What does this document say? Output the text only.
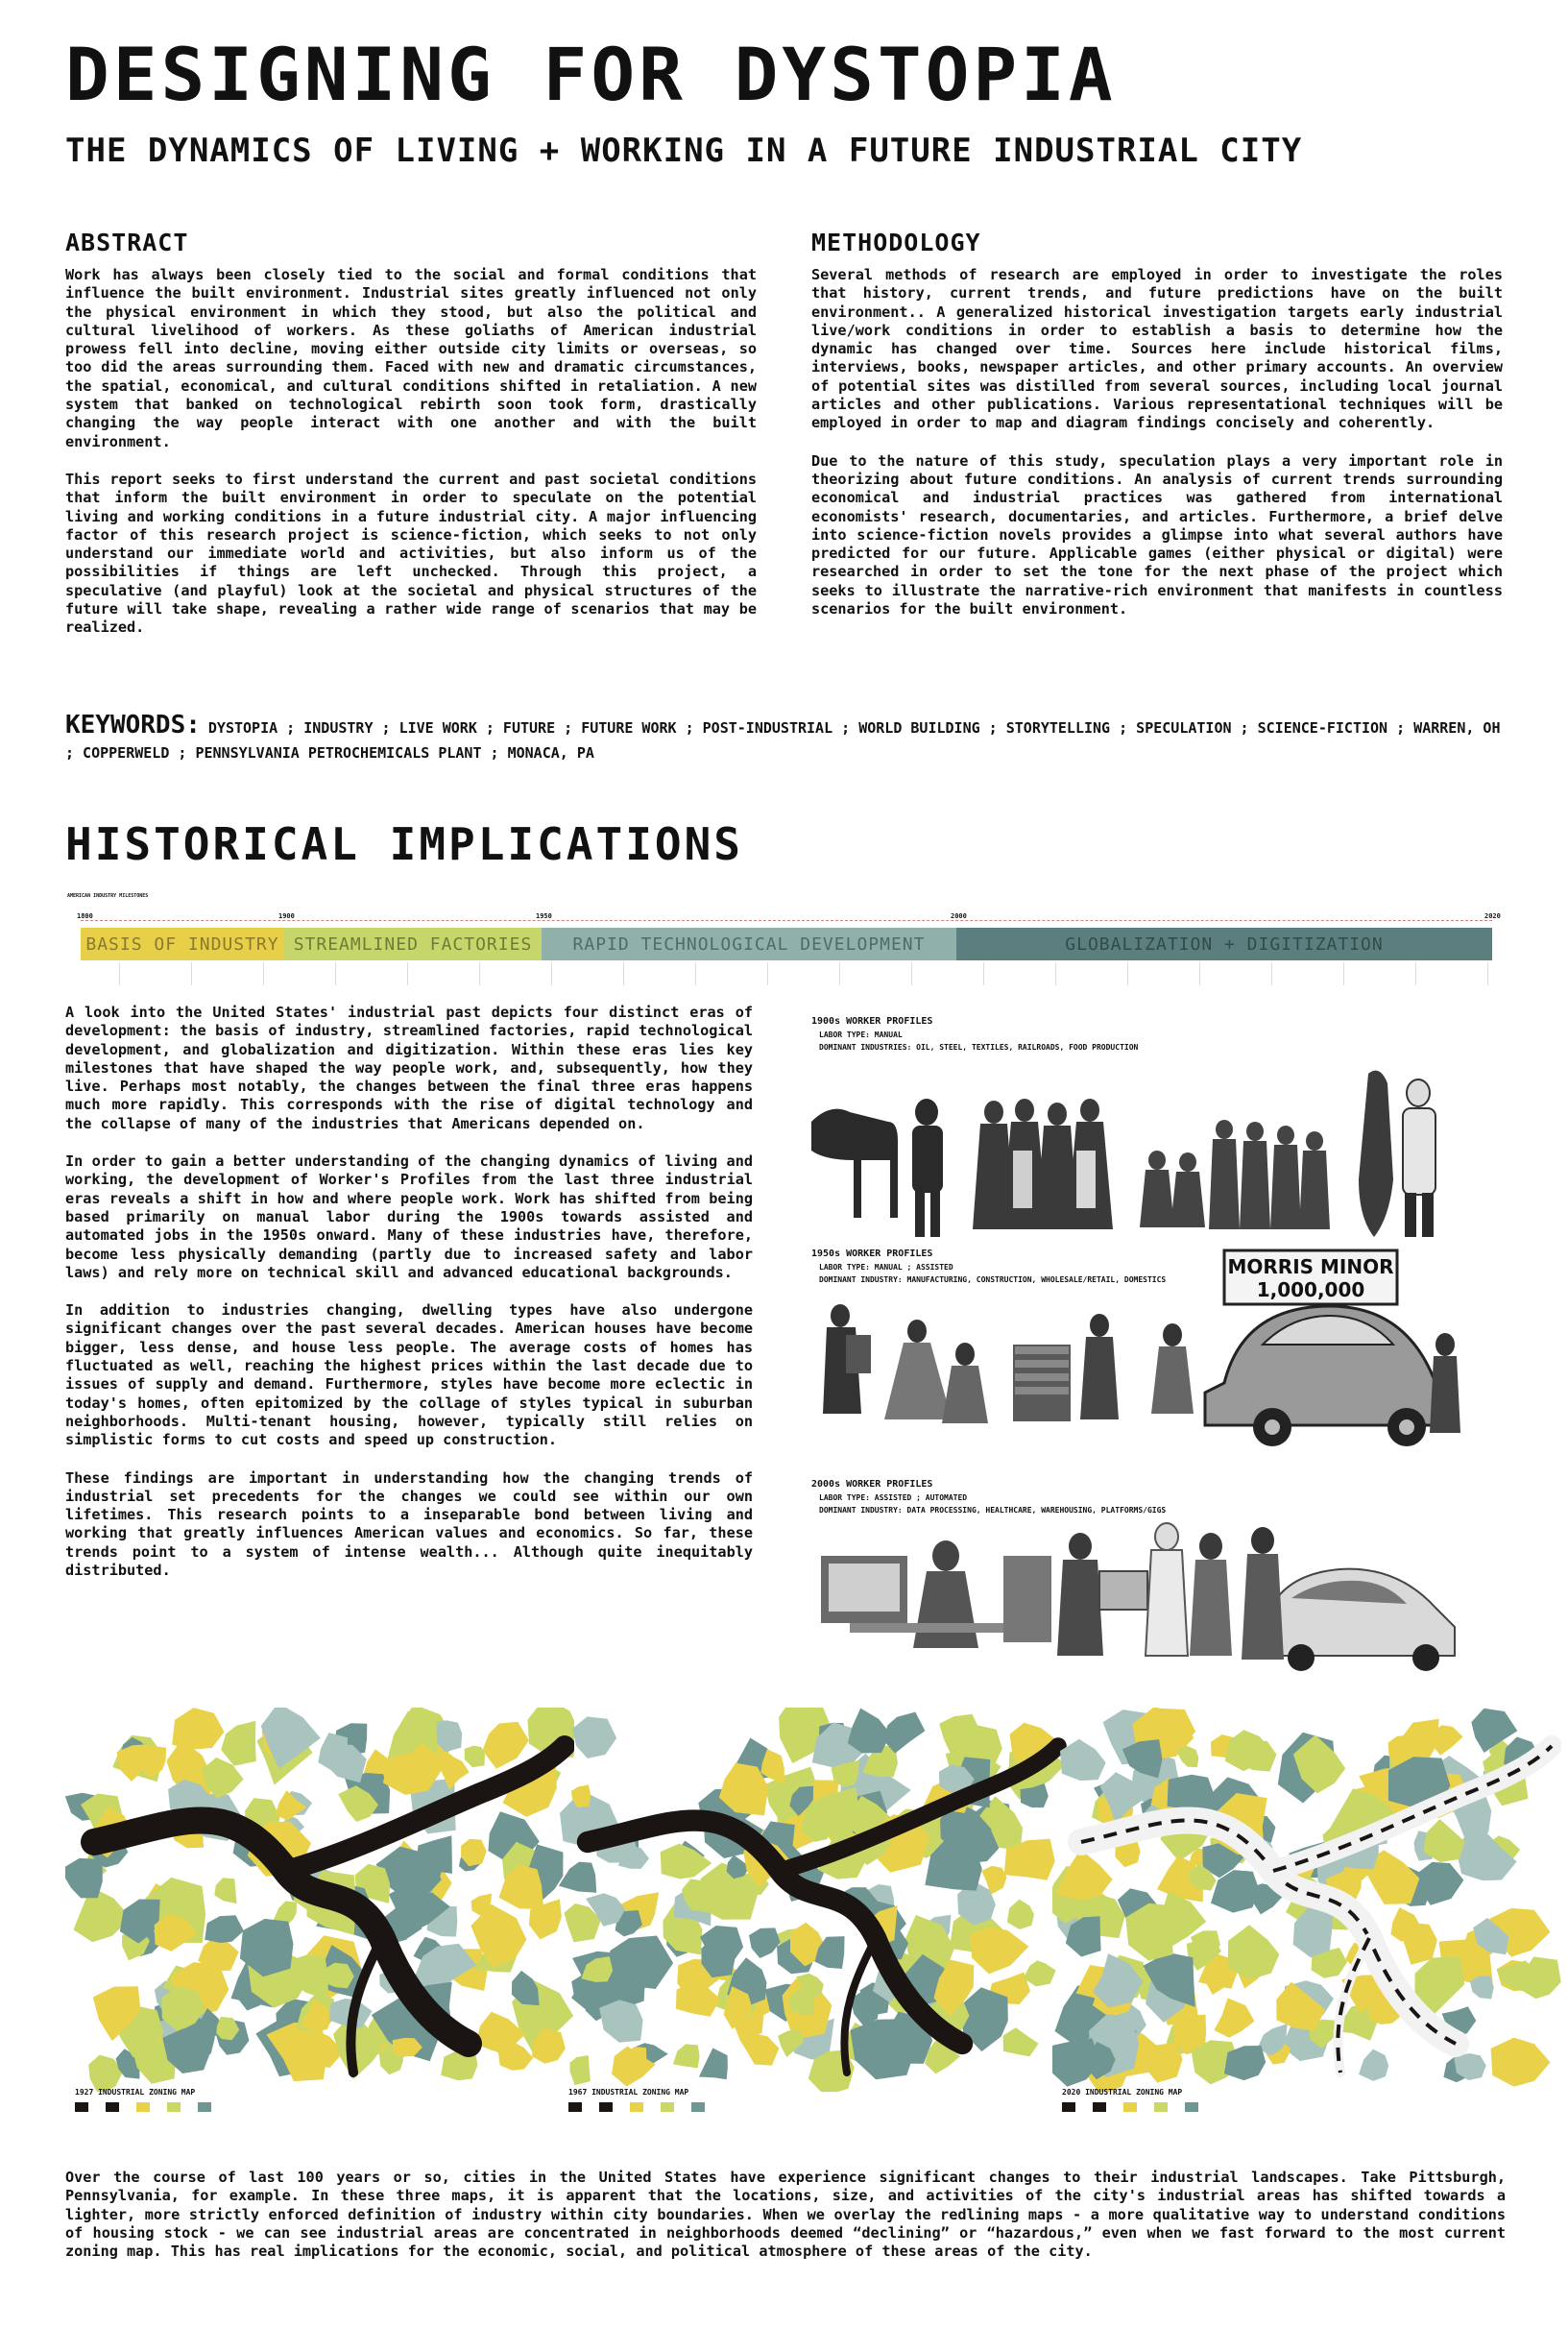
DESIGNING FOR DYSTOPIA
THE DYNAMICS OF LIVING + WORKING IN A FUTURE INDUSTRIAL CITY
ABSTRACT

Work has always been closely tied to the social and formal conditions that influence the built environment. Industrial sites greatly influenced not only the physical environment in which they stood, but also the political and cultural livelihood of workers. As these goliaths of American industrial prowess fell into decline, moving either outside city limits or overseas, so too did the areas surrounding them. Faced with new and dramatic circumstances, the spatial, economical, and cultural conditions shifted in retaliation. A new system that banked on technological rebirth soon took form, drastically changing the way people interact with one another and with the built environment.

This report seeks to first understand the current and past societal conditions that inform the built environment in order to speculate on the potential living and working conditions in a future industrial city. A major influencing factor of this research project is science-fiction, which seeks to not only understand our immediate world and activities, but also inform us of the possibilities if things are left unchecked. Through this project, a speculative (and playful) look at the societal and physical structures of the future will take shape, revealing a rather wide range of scenarios that may be realized.

METHODOLOGY

Several methods of research are employed in order to investigate the roles that history, current trends, and future predictions have on the built environment.. A generalized historical investigation targets early industrial live/work conditions in order to establish a basis to determine how the dynamic has changed over time. Sources here include historical films, interviews, books, newspaper articles, and other primary accounts. An overview of potential sites was distilled from several sources, including local journal articles and other publications. Various representational techniques will be employed in order to map and diagram findings concisely and coherently.

Due to the nature of this study, speculation plays a very important role in theorizing about future conditions. An analysis of current trends surrounding economical and industrial practices was gathered from international economists' research, documentaries, and articles. Furthermore, a brief delve into science-fiction novels provides a glimpse into what several authors have predicted for our future. Applicable games (either physical or digital) were researched in order to set the tone for the next phase of the project which seeks to illustrate the narrative-rich environment that manifests in countless scenarios for the built environment.

KEYWORDS: DYSTOPIA ; INDUSTRY ; LIVE WORK ; FUTURE ; FUTURE WORK ; POST-INDUSTRIAL ; WORLD BUILDING ; STORYTELLING ; SPECULATION ; SCIENCE-FICTION ; WARREN, OH ; COPPERWELD ; PENNSYLVANIA PETROCHEMICALS PLANT ; MONACA, PA
HISTORICAL IMPLICATIONS
AMERICAN INDUSTRY MILESTONES
1800	1900	1950	2000	2020
BASIS OF INDUSTRY STREAMLINED FACTORIES	RAPID TECHNOLOGICAL DEVELOPMENT	GLOBALIZATION + DIGITIZATION

A look into the United States' industrial past depicts four distinct eras of development: the basis of industry, streamlined factories, rapid technological development, and globalization and digitization. Within these eras lies key milestones that have shaped the way people work, and, subsequently, how they live. Perhaps most notably, the changes between the final three eras happens much more rapidly. This corresponds with the rise of digital technology and the collapse of many of the industries that Americans depended on.

In order to gain a better understanding of the changing dynamics of living and working, the development of Worker's Profiles from the last three industrial eras reveals a shift in how and where people work. Work has shifted from being based primarily on manual labor during the 1900s towards assisted and automated jobs in the 1950s onward. Many of these industries have, therefore, become less physically demanding (partly due to increased safety and labor laws) and rely more on technical skill and advanced educational backgrounds.

In addition to industries changing, dwelling types have also undergone significant changes over the past several decades. American houses have become bigger, less dense, and house less people. The average costs of homes has fluctuated as well, reaching the highest prices within the last decade due to issues of supply and demand. Furthermore, styles have become more eclectic in today's homes, often epitomized by the collage of styles typical in suburban neighborhoods. Multi-tenant housing, however, typically still relies on simplistic forms to cut costs and speed up construction.

These findings are important in understanding how the changing trends of industrial set precedents for the changes we could see within our own lifetimes. This research points to a inseparable bond between living and working that greatly influences American values and economics. So far, these trends point to a system of intense wealth... Although quite inequitably distributed.

1900s WORKER PROFILES
LABOR TYPE: MANUAL
DOMINANT INDUSTRIES: OIL, STEEL, TEXTILES, RAILROADS, FOOD PRODUCTION
1950s WORKER PROFILES
LABOR TYPE: MANUAL ; ASSISTED
DOMINANT INDUSTRY: MANUFACTURING, CONSTRUCTION, WHOLESALE/RETAIL, DOMESTICS
MORRIS MINOR
1,000,000
2000s WORKER PROFILES
LABOR TYPE: ASSISTED ; AUTOMATED
DOMINANT INDUSTRY: DATA PROCESSING, HEALTHCARE, WAREHOUSING, PLATFORMS/GIGS
1927 INDUSTRIAL ZONING MAP	1967 INDUSTRIAL ZONING MAP	2020 INDUSTRIAL ZONING MAP

Over the course of last 100 years or so, cities in the United States have experience significant changes to their industrial landscapes. Take Pittsburgh, Pennsylvania, for example. In these three maps, it is apparent that the locations, size, and activities of the city's industrial areas has shifted towards a lighter, more strictly enforced definition of industry within city boundaries. When we overlay the redlining maps - a more qualitative way to understand conditions of housing stock - we can see industrial areas are concentrated in neighborhoods deemed “declining” or “hazardous,” even when we fast forward to the most current zoning map. This has real implications for the economic, social, and political atmosphere of these areas of the city.
